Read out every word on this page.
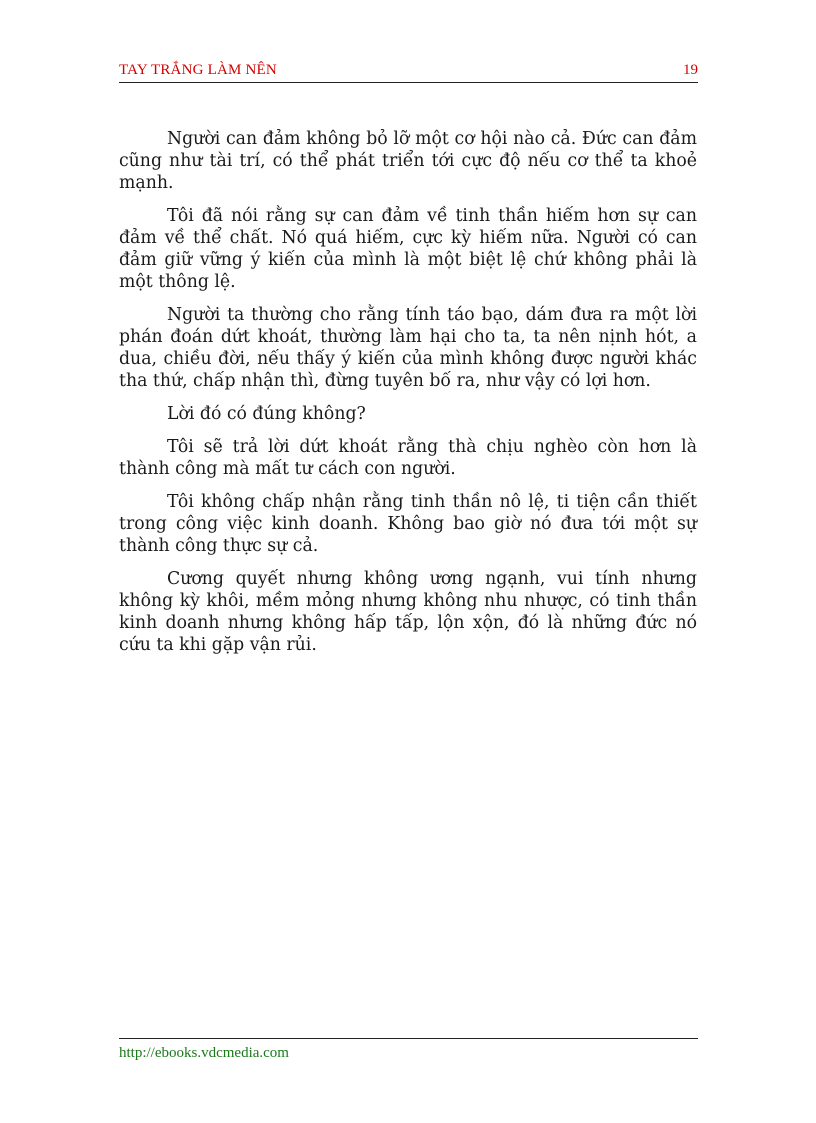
TAY TRẮNG LÀM NÊN	19

Người can đảm không bỏ lỡ một cơ hội nào cả. Đức can đảm cũng như tài trí, có thể phát triển tới cực độ nếu cơ thể ta khoẻ mạnh.

Tôi đã nói rằng sự can đảm về tinh thần hiếm hơn sự can đảm về thể chất. Nó quá hiếm, cực kỳ hiếm nữa. Người có can đảm giữ vững ý kiến của mình là một biệt lệ chứ không phải là một thông lệ.

Người ta thường cho rằng tính táo bạo, dám đưa ra một lời phán đoán dứt khoát, thường làm hại cho ta, ta nên nịnh hót, a dua, chiều đời, nếu thấy ý kiến của mình không được người khác tha thứ, chấp nhận thì, đừng tuyên bố ra, như vậy có lợi hơn.

Lời đó có đúng không?

Tôi sẽ trả lời dứt khoát rằng thà chịu nghèo còn hơn là thành công mà mất tư cách con người.

Tôi không chấp nhận rằng tinh thần nô lệ, ti tiện cần thiết trong công việc kinh doanh. Không bao giờ nó đưa tới một sự thành công thực sự cả.

Cương quyết nhưng không ương ngạnh, vui tính nhưng không kỳ khôi, mềm mỏng nhưng không nhu nhược, có tinh thần kinh doanh nhưng không hấp tấp, lộn xộn, đó là những đức nó cứu ta khi gặp vận rủi.

http://ebooks.vdcmedia.com
